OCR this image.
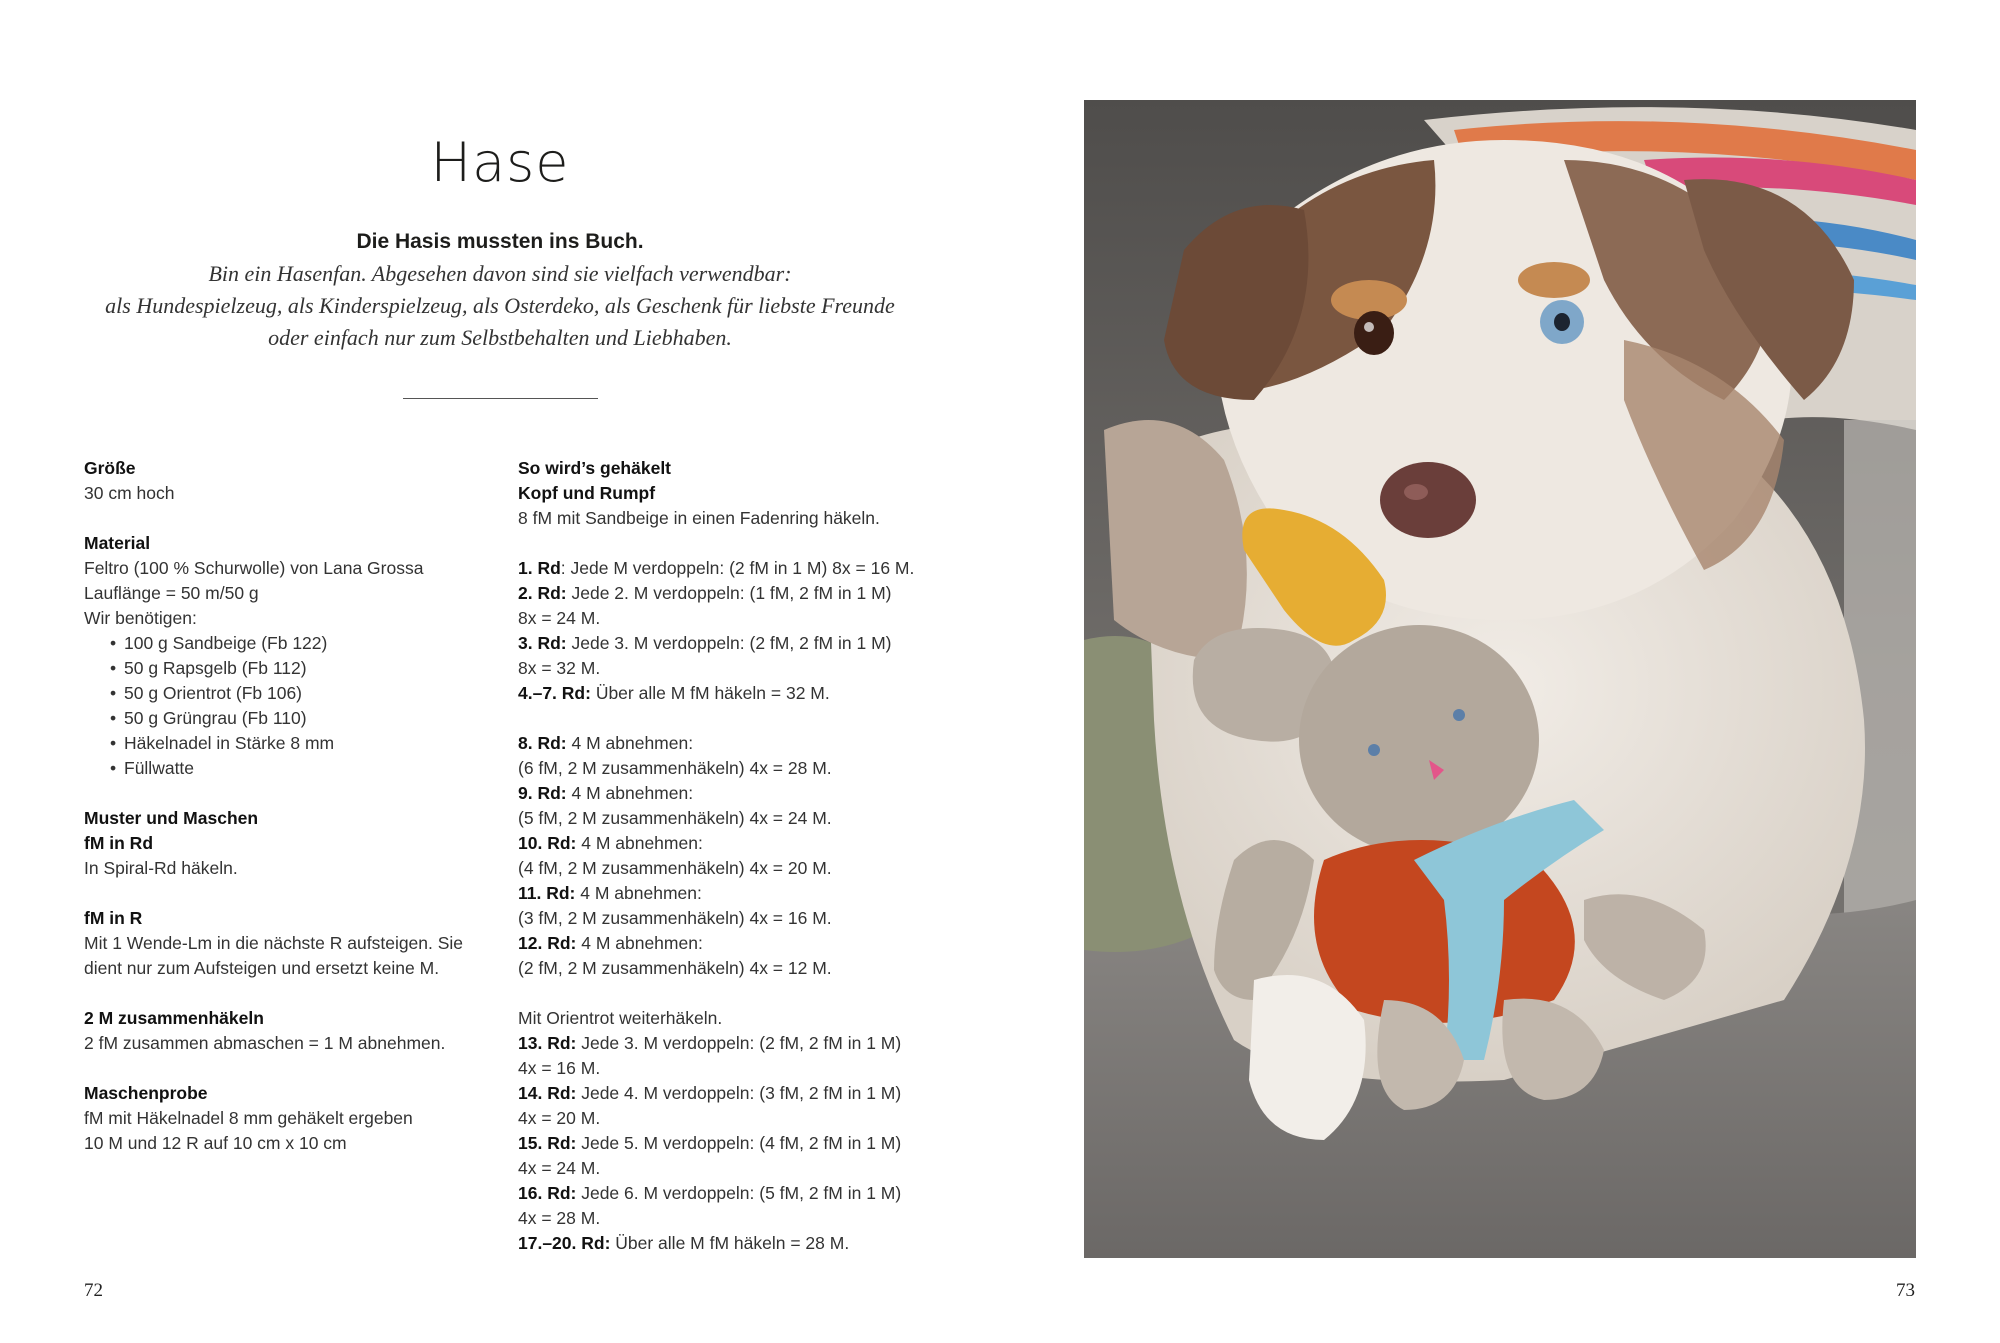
Hase
Die Hasis mussten ins Buch.

Bin ein Hasenfan. Abgesehen davon sind sie vielfach verwendbar:

als Hundespielzeug, als Kinderspielzeug, als Osterdeko, als Geschenk für liebste Freunde

oder einfach nur zum Selbstbehalten und Liebhaben.

Größe
30 cm hoch
Material
Feltro (100 % Schurwolle) von Lana Grossa
Lauflänge = 50 m/50 g
Wir benötigen:
• 100 g Sandbeige (Fb 122)
• 50 g Rapsgelb (Fb 112)
• 50 g Orientrot (Fb 106)
• 50 g Grüngrau (Fb 110)
• Häkelnadel in Stärke 8 mm
• Füllwatte
Muster und Maschen
fM in Rd
In Spiral-Rd häkeln.
fM in R
Mit 1 Wende-Lm in die nächste R aufsteigen. Sie
dient nur zum Aufsteigen und ersetzt keine M.
2 M zusammenhäkeln
2 fM zusammen abmaschen = 1 M abnehmen.
Maschenprobe
fM mit Häkelnadel 8 mm gehäkelt ergeben
10 M und 12 R auf 10 cm x 10 cm
So wird’s gehäkelt
Kopf und Rumpf
8 fM mit Sandbeige in einen Fadenring häkeln.
1. Rd: Jede M verdoppeln: (2 fM in 1 M) 8x = 16 M.
2. Rd: Jede 2. M verdoppeln: (1 fM, 2 fM in 1 M)
8x = 24 M.
3. Rd: Jede 3. M verdoppeln: (2 fM, 2 fM in 1 M)
8x = 32 M.
4.–7. Rd: Über alle M fM häkeln = 32 M.
8. Rd: 4 M abnehmen:
(6 fM, 2 M zusammenhäkeln) 4x = 28 M.
9. Rd: 4 M abnehmen:
(5 fM, 2 M zusammenhäkeln) 4x = 24 M.
10. Rd: 4 M abnehmen:
(4 fM, 2 M zusammenhäkeln) 4x = 20 M.
11. Rd: 4 M abnehmen:
(3 fM, 2 M zusammenhäkeln) 4x = 16 M.
12. Rd: 4 M abnehmen:
(2 fM, 2 M zusammenhäkeln) 4x = 12 M.
Mit Orientrot weiterhäkeln.
13. Rd: Jede 3. M verdoppeln: (2 fM, 2 fM in 1 M)
4x = 16 M.
14. Rd: Jede 4. M verdoppeln: (3 fM, 2 fM in 1 M)
4x = 20 M.
15. Rd: Jede 5. M verdoppeln: (4 fM, 2 fM in 1 M)
4x = 24 M.
16. Rd: Jede 6. M verdoppeln: (5 fM, 2 fM in 1 M)
4x = 28 M.
17.–20. Rd: Über alle M fM häkeln = 28 M.
72	73
